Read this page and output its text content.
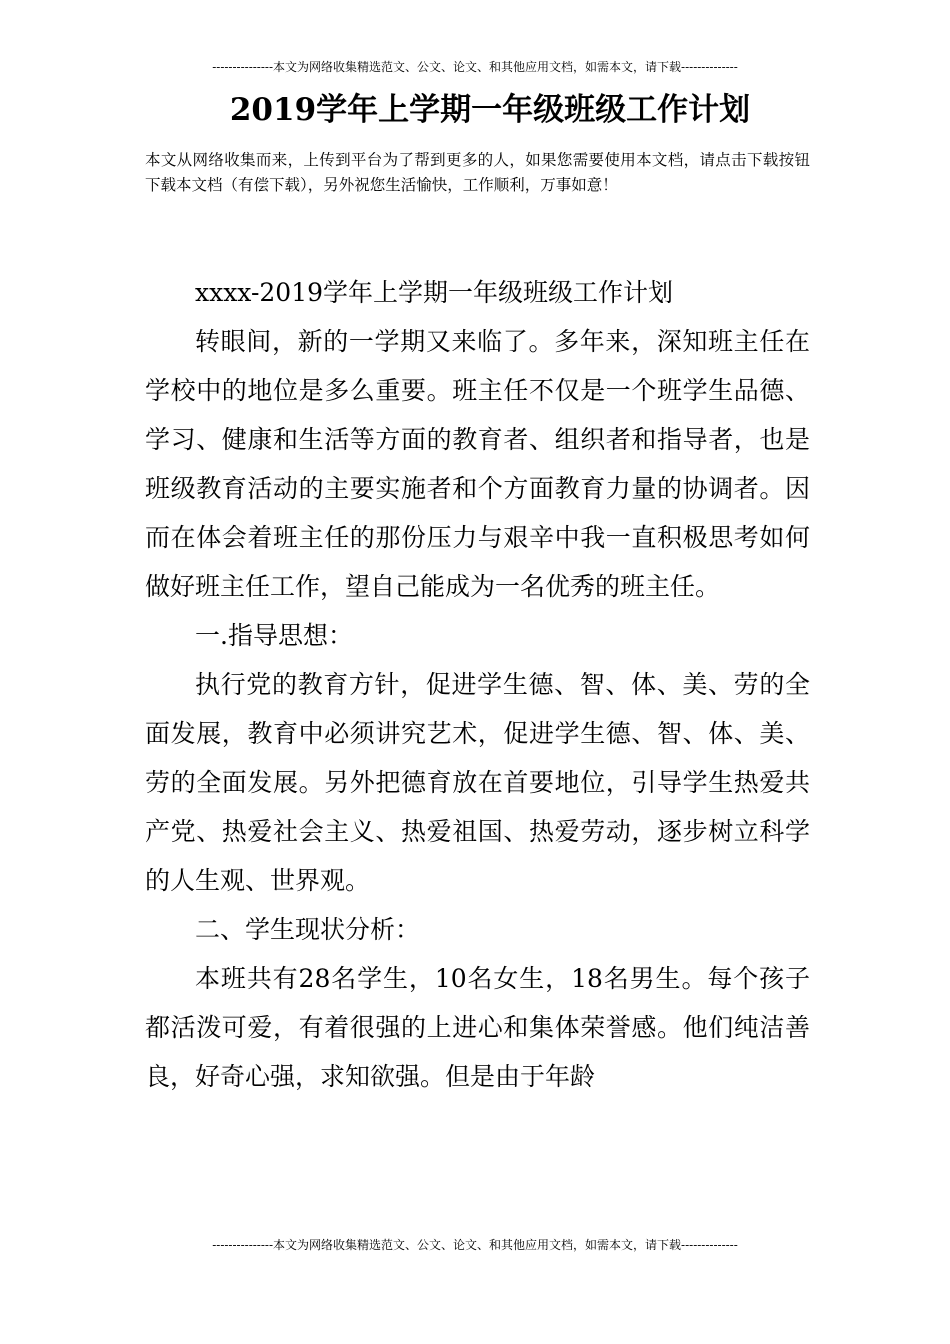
---------------本文为网络收集精选范文、公文、论文、和其他应用文档，如需本文，请下载--------------
2019学年上学期一年级班级工作计划
本文从网络收集而来，上传到平台为了帮到更多的人，如果您需要使用本文档，请点击下载按钮下载本文档（有偿下载），另外祝您生活愉快，工作顺利，万事如意！

xxxx-2019学年上学期一年级班级工作计划

转眼间，新的一学期又来临了。多年来，深知班主任在学校中的地位是多么重要。班主任不仅是一个班学生品德、学习、健康和生活等方面的教育者、组织者和指导者，也是班级教育活动的主要实施者和个方面教育力量的协调者。因而在体会着班主任的那份压力与艰辛中我一直积极思考如何做好班主任工作，望自己能成为一名优秀的班主任。

一.指导思想：

执行党的教育方针，促进学生德、智、体、美、劳的全面发展，教育中必须讲究艺术，促进学生德、智、体、美、劳的全面发展。另外把德育放在首要地位，引导学生热爱共产党、热爱社会主义、热爱祖国、热爱劳动，逐步树立科学的人生观、世界观。

二、学生现状分析：

本班共有28名学生，10名女生，18名男生。每个孩子都活泼可爱，有着很强的上进心和集体荣誉感。他们纯洁善良，好奇心强，求知欲强。但是由于年龄

---------------本文为网络收集精选范文、公文、论文、和其他应用文档，如需本文，请下载--------------
